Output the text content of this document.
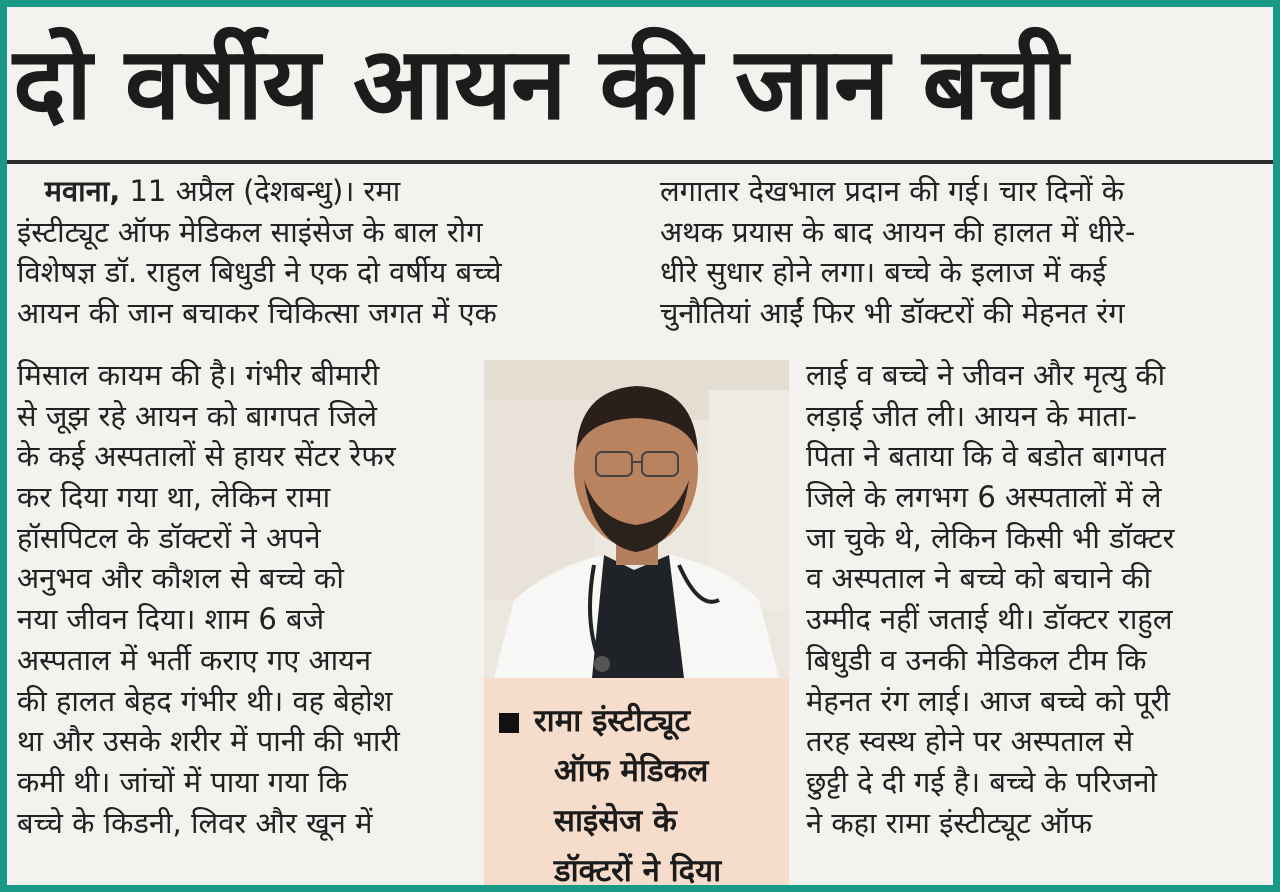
दो वर्षीय आयन की जान बची
मवाना, 11 अप्रैल (देशबन्धु)। रमा
इंस्टीट्यूट ऑफ मेडिकल साइंसेज के बाल रोग
विशेषज्ञ डॉ. राहुल बिधुडी ने एक दो वर्षीय बच्चे
आयन की जान बचाकर चिकित्सा जगत में एक
मिसाल कायम की है। गंभीर बीमारी
से जूझ रहे आयन को बागपत जिले
के कई अस्पतालों से हायर सेंटर रेफर
कर दिया गया था, लेकिन रामा
हॉसपिटल के डॉक्टरों ने अपने
अनुभव और कौशल से बच्चे को
नया जीवन दिया। शाम 6 बजे
अस्पताल में भर्ती कराए गए आयन
की हालत बेहद गंभीर थी। वह बेहोश
था और उसके शरीर में पानी की भारी
कमी थी। जांचों में पाया गया कि
बच्चे के किडनी, लिवर और खून में
लगातार देखभाल प्रदान की गई। चार दिनों के
अथक प्रयास के बाद आयन की हालत में धीरे-
धीरे सुधार होने लगा। बच्चे के इलाज में कई
चुनौतियां आईं फिर भी डॉक्टरों की मेहनत रंग
लाई व बच्चे ने जीवन और मृत्यु की
लड़ाई जीत ली। आयन के माता-
पिता ने बताया कि वे बडोत बागपत
जिले के लगभग 6 अस्पतालों में ले
जा चुके थे, लेकिन किसी भी डॉक्टर
व अस्पताल ने बच्चे को बचाने की
उम्मीद नहीं जताई थी। डॉक्टर राहुल
बिधुडी व उनकी मेडिकल टीम कि
मेहनत रंग लाई। आज बच्चे को पूरी
तरह स्वस्थ होने पर अस्पताल से
छुट्टी दे दी गई है। बच्चे के परिजनो
ने कहा रामा इंस्टीट्यूट ऑफ
रामा इंस्टीट्यूट
ऑफ मेडिकल
साइंसेज के
डॉक्टरों ने दिया
